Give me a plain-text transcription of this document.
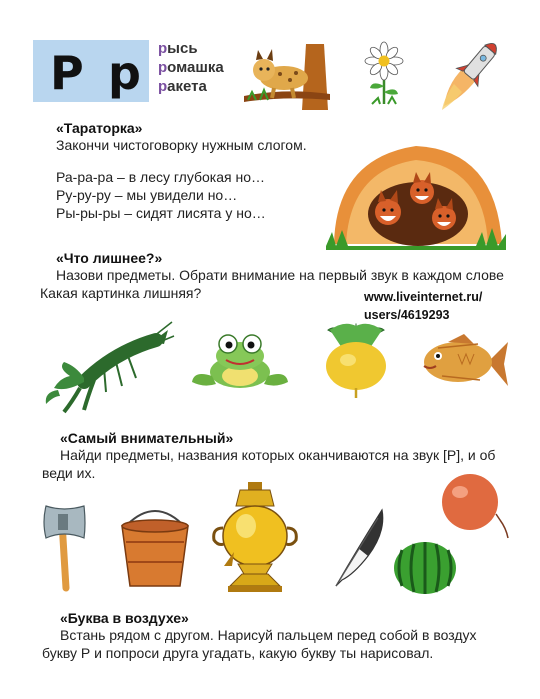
Р р рысь
ромашка
ракета
«Тараторка»
Закончи чистоговорку нужным слогом.
Ра-ра-ра – в лесу глубокая но…
Ру-ру-ру – мы увидели но…
Ры-ры-ры – сидят лисята у но…
«Что лишнее?»
Назови предметы. Обрати внимание на первый звук в каждом слове
Какая картинка лишняя?	www.liveinternet.ru/
users/4619293
«Самый внимательный»
Найди предметы, названия которых оканчиваются на звук [Р], и об
веди их.
«Буква в воздухе»
Встань рядом с другом. Нарисуй пальцем перед собой в воздух
букву Р и попроси друга угадать, какую букву ты нарисовал.
